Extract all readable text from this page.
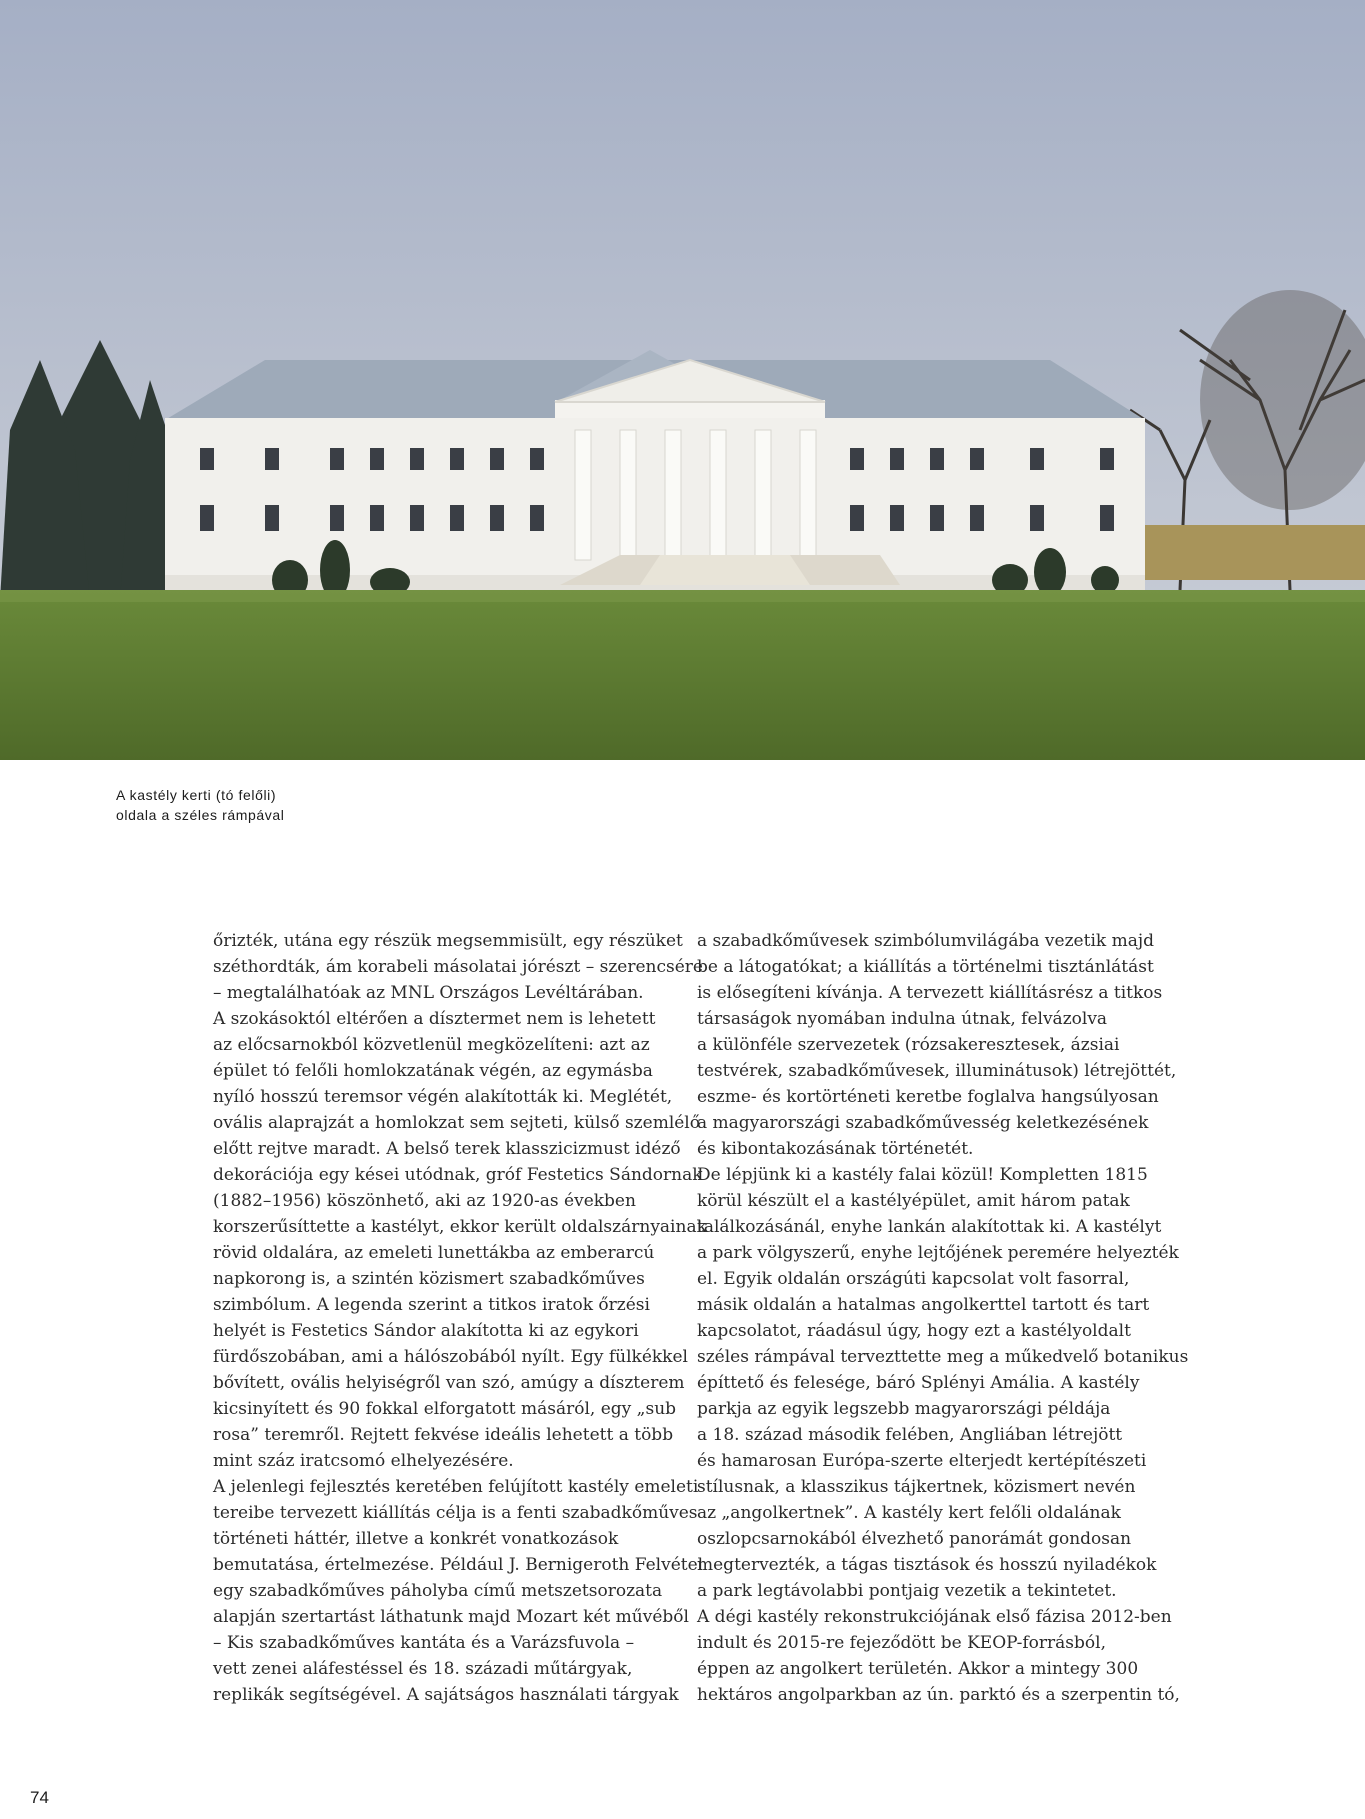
A kastély kerti (tó felőli)
oldala a széles rámpával

őrizték, utána egy részük megsemmisült, egy részüket
széthordták, ám korabeli másolatai jórészt – szerencsére
– megtalálhatóak az MNL Országos Levéltárában.
A szokásoktól eltérően a dísztermet nem is lehetett
az előcsarnokból közvetlenül megközelíteni: azt az
épület tó felőli homlokzatának végén, az egymásba
nyíló hosszú teremsor végén alakították ki. Meglétét,
ovális alaprajzát a homlokzat sem sejteti, külső szemlélő
előtt rejtve maradt. A belső terek klasszicizmust idéző
dekorációja egy kései utódnak, gróf Festetics Sándornak
(1882–1956) köszönhető, aki az 1920-as években
korszerűsíttette a kastélyt, ekkor került oldalszárnyainak
rövid oldalára, az emeleti lunettákba az emberarcú
napkorong is, a szintén közismert szabadkőműves
szimbólum. A legenda szerint a titkos iratok őrzési
helyét is Festetics Sándor alakította ki az egykori
fürdőszobában, ami a hálószobából nyílt. Egy fülkékkel
bővített, ovális helyiségről van szó, amúgy a díszterem
kicsinyített és 90 fokkal elforgatott másáról, egy „sub
rosa” teremről. Rejtett fekvése ideális lehetett a több
mint száz iratcsomó elhelyezésére.
A jelenlegi fejlesztés keretében felújított kastély emeleti
tereibe tervezett kiállítás célja is a fenti szabadkőműves
történeti háttér, illetve a konkrét vonatkozások
bemutatása, értelmezése. Például J. Bernigeroth Felvétel
egy szabadkőműves páholyba című metszetsorozata
alapján szertartást láthatunk majd Mozart két művéből
– Kis szabadkőműves kantáta és a Varázsfuvola –
vett zenei aláfestéssel és 18. századi műtárgyak,
replikák segítségével. A sajátságos használati tárgyak
a szabadkőművesek szimbólumvilágába vezetik majd
be a látogatókat; a kiállítás a történelmi tisztánlátást
is elősegíteni kívánja. A tervezett kiállításrész a titkos
társaságok nyomában indulna útnak, felvázolva
a különféle szervezetek (rózsakeresztesek, ázsiai
testvérek, szabadkőművesek, illuminátusok) létrejöttét,
eszme- és kortörténeti keretbe foglalva hangsúlyosan
a magyarországi szabadkőművesség keletkezésének
és kibontakozásának történetét.
De lépjünk ki a kastély falai közül! Kompletten 1815
körül készült el a kastélyépület, amit három patak
találkozásánál, enyhe lankán alakítottak ki. A kastélyt
a park völgyszerű, enyhe lejtőjének peremére helyezték
el. Egyik oldalán országúti kapcsolat volt fasorral,
másik oldalán a hatalmas angolkerttel tartott és tart
kapcsolatot, ráadásul úgy, hogy ezt a kastélyoldalt
széles rámpával tervezttette meg a műkedvelő botanikus
építtető és felesége, báró Splényi Amália. A kastély
parkja az egyik legszebb magyarországi példája
a 18. század második felében, Angliában létrejött
és hamarosan Európa-szerte elterjedt kertépítészeti
stílusnak, a klasszikus tájkertnek, közismert nevén
az „angolkertnek”. A kastély kert felőli oldalának
oszlopcsarnokából élvezhető panorámát gondosan
megtervezték, a tágas tisztások és hosszú nyiladékok
a park legtávolabbi pontjaig vezetik a tekintetet.
A dégi kastély rekonstrukciójának első fázisa 2012-ben
indult és 2015-re fejeződött be KEOP-forrásból,
éppen az angolkert területén. Akkor a mintegy 300
hektáros angolparkban az ún. parktó és a szerpentin tó,
74
